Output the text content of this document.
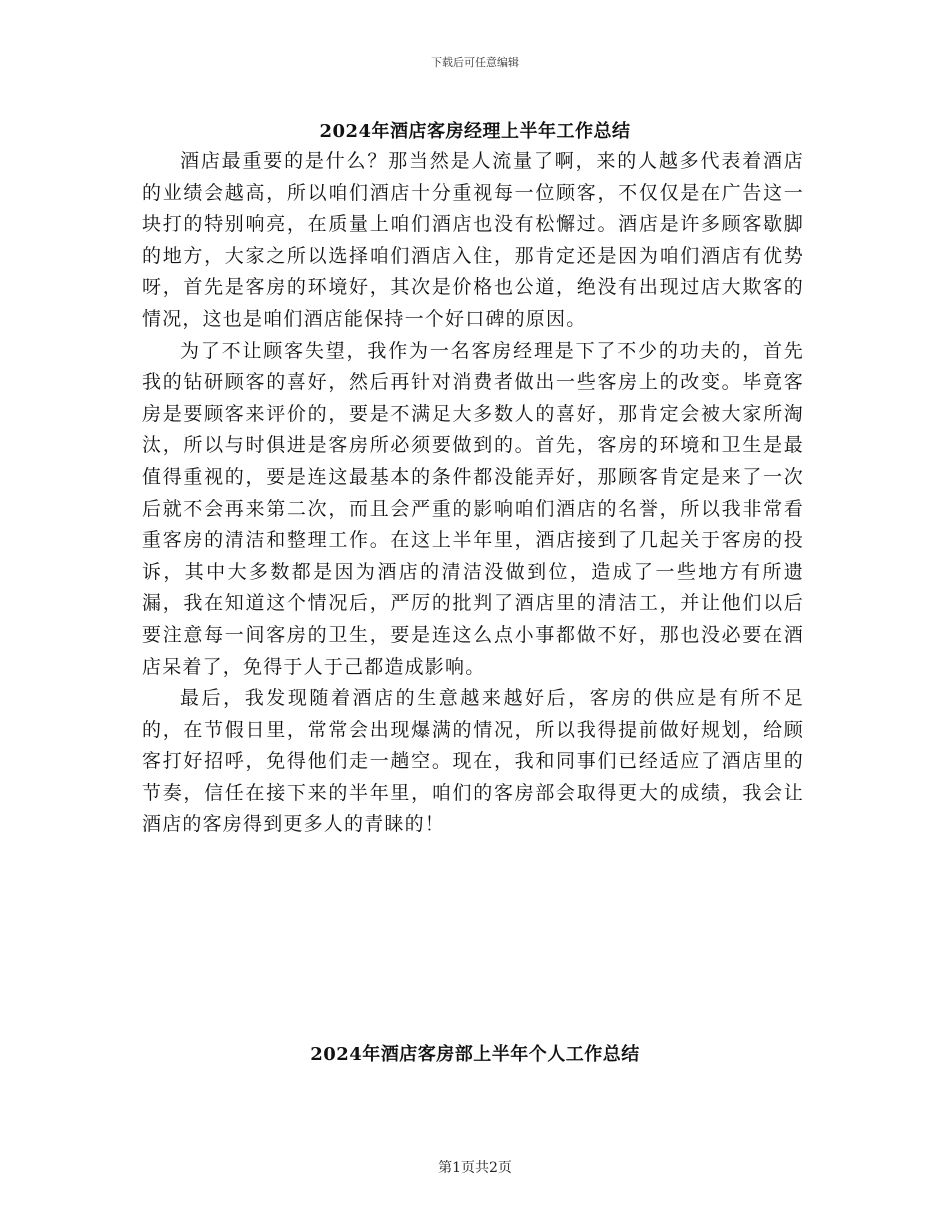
下载后可任意编辑
2024年酒店客房经理上半年工作总结

酒店最重要的是什么？那当然是人流量了啊，来的人越多代表着酒店的业绩会越高，所以咱们酒店十分重视每一位顾客，不仅仅是在广告这一块打的特别响亮，在质量上咱们酒店也没有松懈过。酒店是许多顾客歇脚的地方，大家之所以选择咱们酒店入住，那肯定还是因为咱们酒店有优势呀，首先是客房的环境好，其次是价格也公道，绝没有出现过店大欺客的情况，这也是咱们酒店能保持一个好口碑的原因。

为了不让顾客失望，我作为一名客房经理是下了不少的功夫的，首先我的钻研顾客的喜好，然后再针对消费者做出一些客房上的改变。毕竟客房是要顾客来评价的，要是不满足大多数人的喜好，那肯定会被大家所淘汰，所以与时俱进是客房所必须要做到的。首先，客房的环境和卫生是最值得重视的，要是连这最基本的条件都没能弄好，那顾客肯定是来了一次后就不会再来第二次，而且会严重的影响咱们酒店的名誉，所以我非常看重客房的清洁和整理工作。在这上半年里，酒店接到了几起关于客房的投诉，其中大多数都是因为酒店的清洁没做到位，造成了一些地方有所遗漏，我在知道这个情况后，严厉的批判了酒店里的清洁工，并让他们以后要注意每一间客房的卫生，要是连这么点小事都做不好，那也没必要在酒店呆着了，免得于人于己都造成影响。

最后，我发现随着酒店的生意越来越好后，客房的供应是有所不足的，在节假日里，常常会出现爆满的情况，所以我得提前做好规划，给顾客打好招呼，免得他们走一趟空。现在，我和同事们已经适应了酒店里的节奏，信任在接下来的半年里，咱们的客房部会取得更大的成绩，我会让酒店的客房得到更多人的青睐的！

2024年酒店客房部上半年个人工作总结
第1页共2页
